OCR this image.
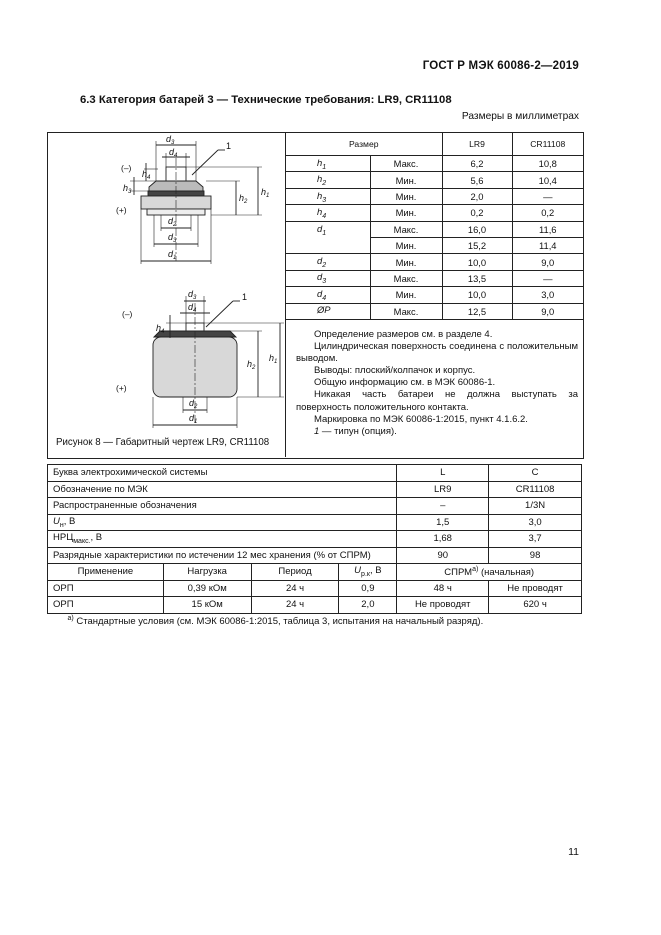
ГОСТ Р МЭК 60086-2—2019
6.3 Категория батарей 3 — Технические требования: LR9, CR11108
Размеры в миллиметрах
$d_3$
$d_4$
1
(–)
$h_4$
$h_3$
$h_2$
$h_1$
(+)
$d_2$
$d_3$
$d_1$
$d_3$
$d_4$
1
(–)
$h_4$
$h_2$
$h_1$
(+)
$d_2$
$d_1$
Рисунок 8 — Габаритный чертеж LR9, CR11108
Размер		LR9	CR11108
$h_1$	Макс.	6,2	10,8
$h_2$	Мин.	5,6	10,4
$h_3$	Мин.	2,0	—
$h_4$	Мин.	0,2	0,2
$d_1$	Макс.	16,0	11,6
	Мин.	15,2	11,4
$d_2$	Мин.	10,0	9,0
$d_3$	Макс.	13,5	—
$d_4$	Мин.	10,0	3,0
ØP	Макс.	12,5	9,0

Определение размеров см. в разделе 4.

Цилиндрическая поверхность соединена с положительным выводом.

Выводы: плоский/колпачок и корпус.

Общую информацию см. в МЭК 60086-1.

Никакая часть батареи не должна выступать за поверхность положительного контакта.

Маркировка по МЭК 60086-1:2015, пункт 4.1.6.2.

1 — типун (опция).

Буква электрохимической системы				L	C
Обозначение по МЭК				LR9	CR11108
Распространенные обозначения				–	1/3N
$U_н$, В				1,5	3,0
$НРЦ_{макс.}$, В				1,68	3,7
Разрядные характеристики по истечении 12 мес хранения (% от СПРМ)				90	98
Применение	Нагрузка	Период	$U_{р.к}$, В	$СПРМ^{а)}$ (начальная)	
ОРП	0,39 кОм	24 ч	0,9	48 ч	Не проводят
ОРП	15 кОм	24 ч	2,0	Не проводят	620 ч
$^{а)}$ Стандартные условия (см. МЭК 60086-1:2015, таблица 3, испытания на начальный разряд).					
11
